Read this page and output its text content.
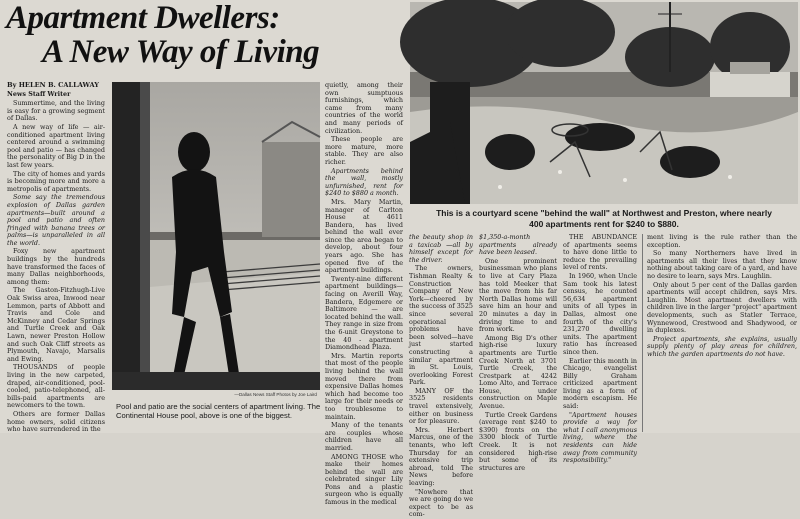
Apartment Dwellers:
A New Way of Living

By HELEN B. CALLAWAY

News Staff Writer

Summertime, and the living is easy for a growing segment of Dallas.

A new way of life — air-conditioned apartment living centered around a swimming pool and patio — has changed the personality of Big D in the last few years.

The city of homes and yards is becoming more and more a metropolis of apartments.

Some say the tremendous explosion of Dallas garden apartments—built around a pool and patio and often fringed with banana trees or palms—is unparalleled in all the world.

Foxy new apartment buildings by the hundreds have transformed the faces of many Dallas neighborhoods, among them:

The Gaston-Fitzhugh-Live Oak Swiss area, Inwood near Lemmon, parts of Abbott and Travis and Cole and McKinney and Cedar Springs and Turtle Creek and Oak Lawn, newer Preston Hollow and such Oak Cliff streets as Plymouth, Navajo, Marsalis and Ewing.

THOUSANDS of people living in the new carpeted, draped, air-conditioned, pool-cooled, patio-telephoned, all-bills-paid apartments are newcomers to the town.

Others are former Dallas home owners, solid citizens who have surrendered in the

—Dallas News Staff Photos by Joe Laird

Pool and patio are the social centers of apartment living. The Continental House pool, above is one of the biggest.

quietly, among their own sumptuous furnishings, which came from many countries of the world and many periods of civilization.

These people are more mature, more stable. They are also richer.

Apartments behind the wall, mostly unfurnished, rent for $240 to $880 a month.

Mrs. Mary Martin, manager of Carlton House at 4611 Bandera, has lived behind the wall ever since the area began to develop, about four years ago. She has opened five of the apartment buildings.

Twenty-nine different apartment buildings—facing on Averill Way, Bandera, Edgemere or Baltimore — are located behind the wall. They range in size from the 6-unit Greystone to the 40 - apartment Diamondhead Plaza.

Mrs. Martin reports that most of the people living behind the wall moved there from expensive Dallas homes which had become too large for their needs or too troublesome to maintain.

Many of the tenants are couples whose children have all married.

AMONG THOSE who make their homes behind the wall are celebrated singer Lily Pons and a plastic surgeon who is equally famous in the medical

This is a courtyard scene "behind the wall" at Northwest and Preston, where nearly
400 apartments rent for $240 to $880.

the beauty shop in a taxicab —all by himself except for the driver.

The owners, Tishman Realty & Construction Company of New York—cheered by the success of 3525 since several operational problems have been solved—have just started constructing a similar apartment in St. Louis, overlooking Forest Park.

MANY OF the 3525 residents travel extensively, either on business or for pleasure.

Mrs. Herbert Marcus, one of the tenants, who left Thursday for an extensive trip abroad, told The News before leaving:

"Nowhere that we are going do we expect to be as com-

$1,350-a-month apartments already have been leased.

One prominent businessman who plans to live at Cary Plaza has told Meeker that the move from his far North Dallas home will save him an hour and 20 minutes a day in driving time to and from work.

Among Big D's other high-rise luxury apartments are Turtle Creek North at 3701 Turtle Creek, the Crestpark at 4242 Lomo Alto, and Terrace House, under construction on Maple Avenue.

Turtle Creek Gardens (average rent $240 to $390) fronts on the 3300 block of Turtle Creek. It is not considered high-rise but some of its structures are

THE ABUNDANCE of apartments seems to have done little to reduce the prevailing level of rents.

In 1960, when Uncle Sam took his latest census, he counted 56,634 apartment units of all types in Dallas, almost one fourth of the city's 231,270 dwelling units. The apartment ratio has increased since then.

Earlier this month in Chicago, evangelist Billy Graham criticized apartment living as a form of modern escapism. He said:

"Apartment houses provide a way for what I call anonymous living, where the residents can hide away from community responsibility."

ment living is the rule rather than the exception.

So many Northerners have lived in apartments all their lives that they know nothing about taking care of a yard, and have no desire to learn, says Mrs. Laughlin.

Only about 5 per cent of the Dallas garden apartments will accept children, says Mrs. Laughlin. Most apartment dwellers with children live in the larger "project" apartment developments, such as Statler Terrace, Wynnewood, Crestwood and Shadywood, or in duplexes.

Project apartments, she explains, usually supply plenty of play areas for children, which the garden apartments do not have.
